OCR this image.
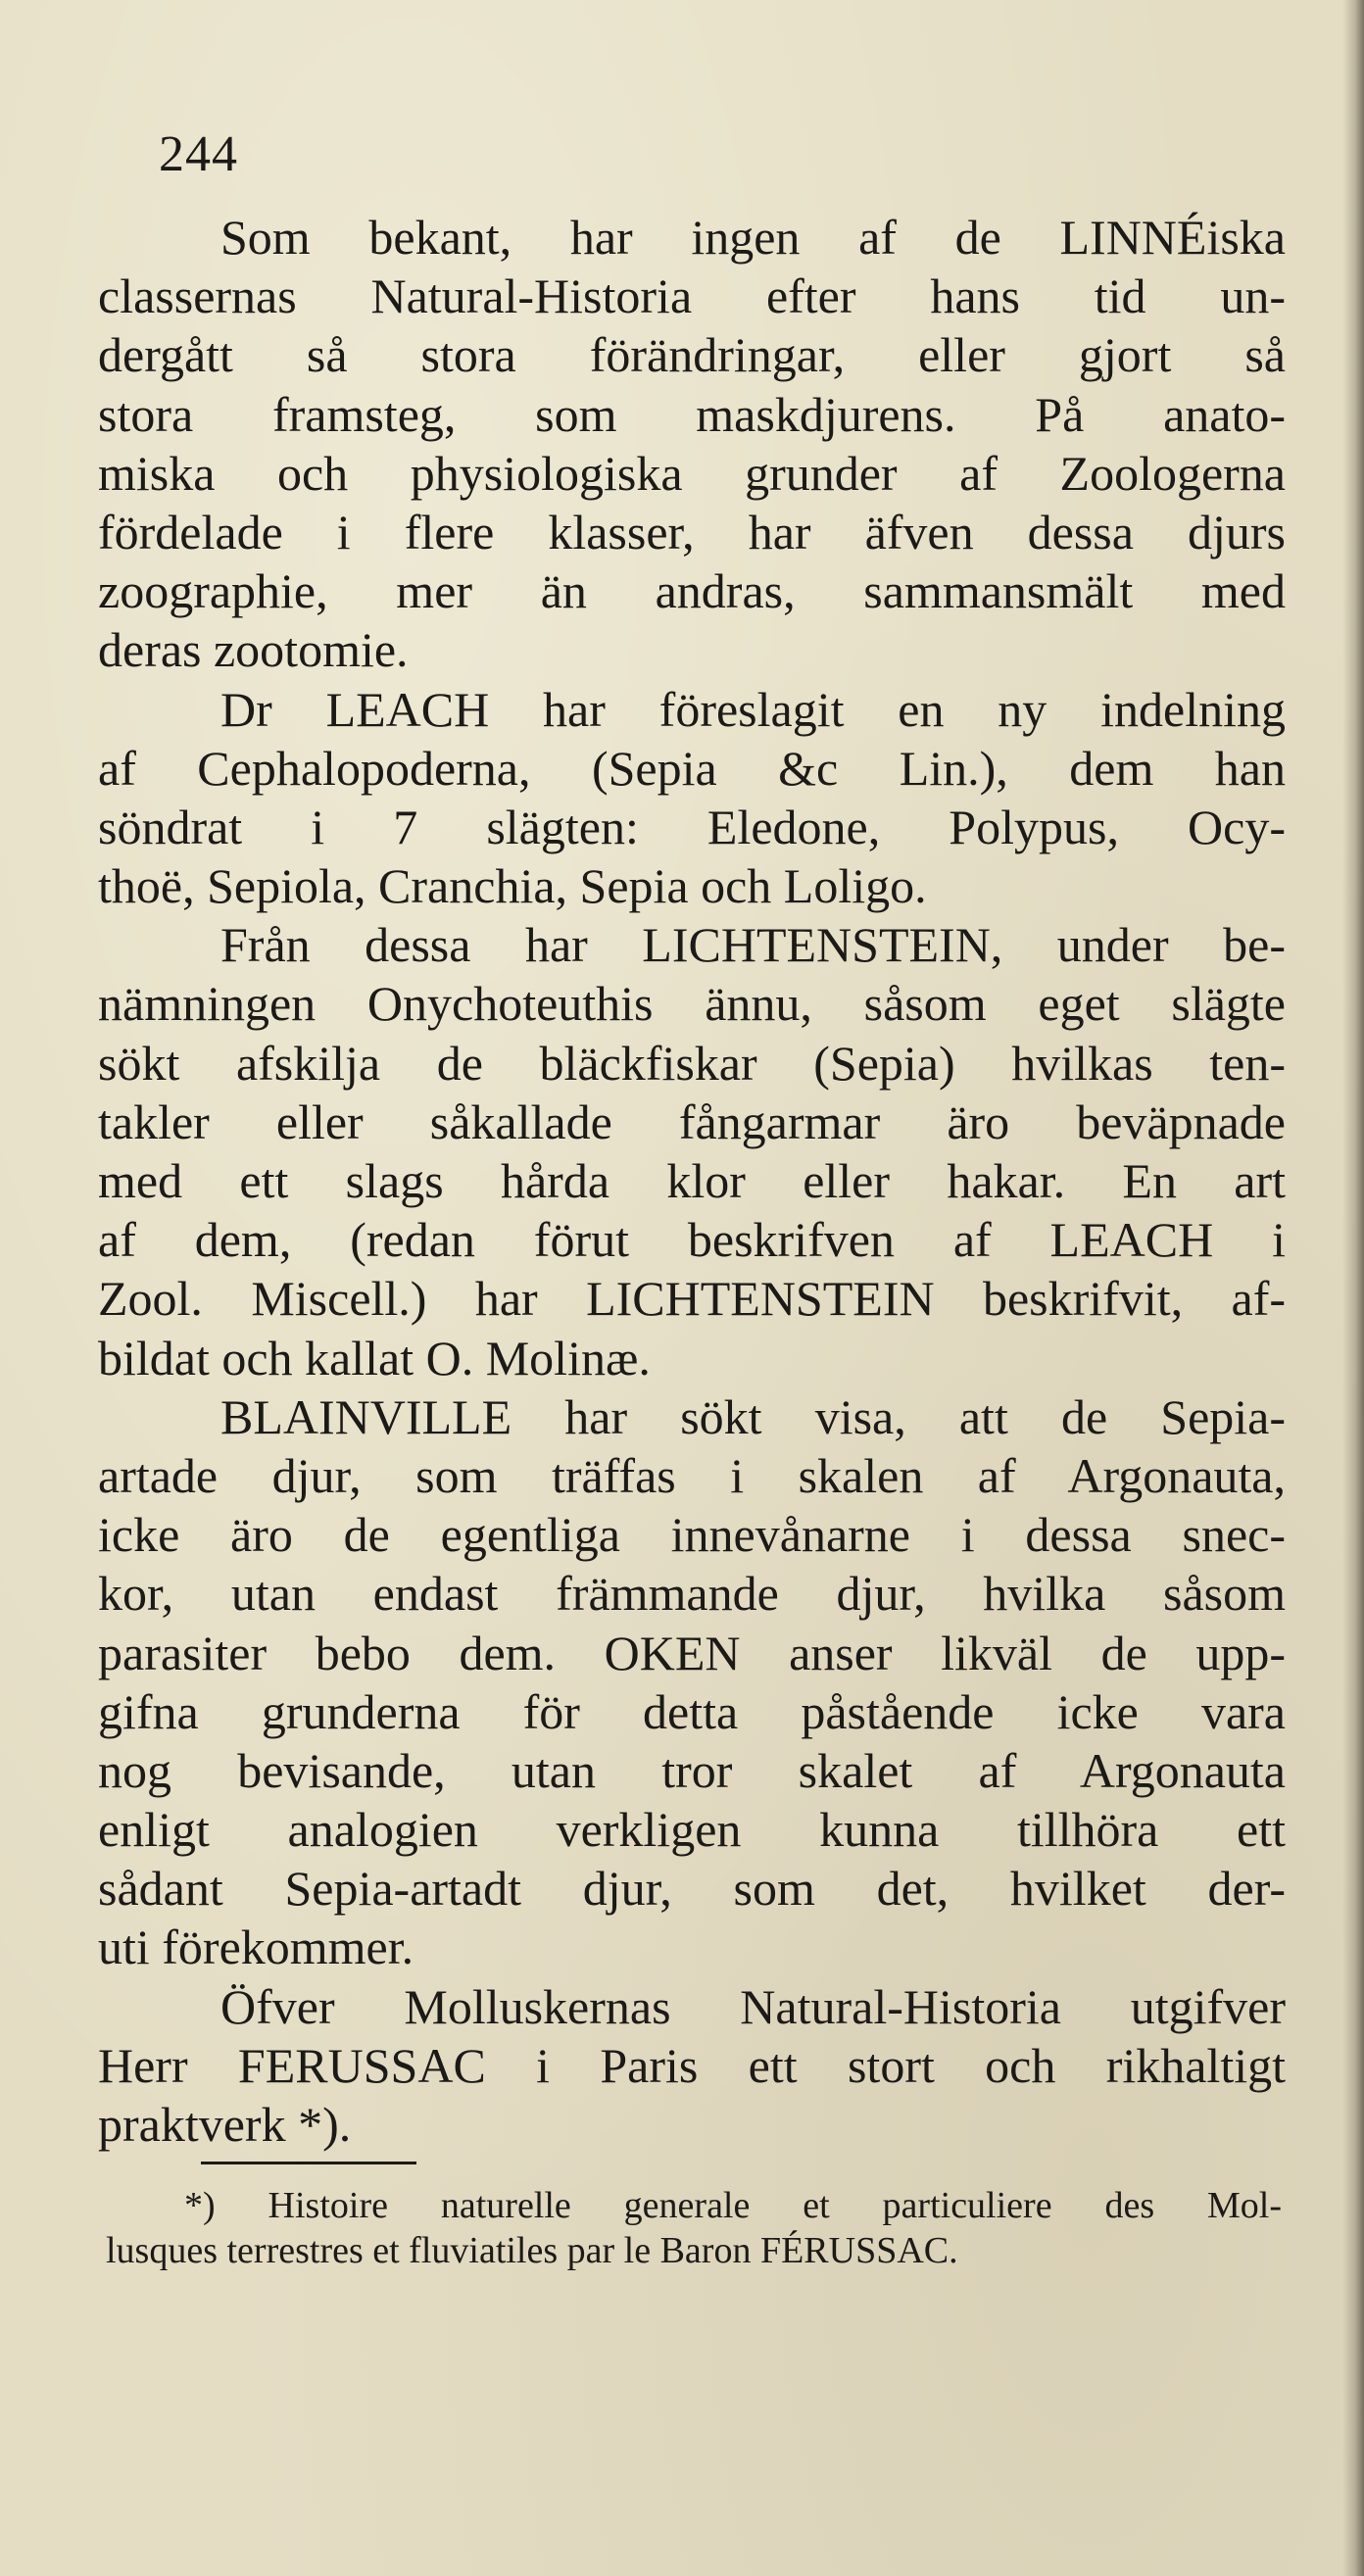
244
Som bekant, har ingen af de LINNÉiska
classernas Natural-Historia efter hans tid un-
dergått så stora förändringar, eller gjort så
stora framsteg, som maskdjurens. På anato-
miska och physiologiska grunder af Zoologerna
fördelade i flere klasser, har äfven dessa djurs
zoographie, mer än andras, sammansmält med
deras zootomie.
Dr LEACH har föreslagit en ny indelning
af Cephalopoderna, (Sepia &c Lin.), dem han
söndrat i 7 slägten: Eledone, Polypus, Ocy-
thoë, Sepiola, Cranchia, Sepia och Loligo.
Från dessa har LICHTENSTEIN, under be-
nämningen Onychoteuthis ännu, såsom eget slägte
sökt afskilja de bläckfiskar (Sepia) hvilkas ten-
takler eller såkallade fångarmar äro beväpnade
med ett slags hårda klor eller hakar. En art
af dem, (redan förut beskrifven af LEACH i
Zool. Miscell.) har LICHTENSTEIN beskrifvit, af-
bildat och kallat O. Molinæ.
BLAINVILLE har sökt visa, att de Sepia-
artade djur, som träffas i skalen af Argonauta,
icke äro de egentliga innevånarne i dessa snec-
kor, utan endast främmande djur, hvilka såsom
parasiter bebo dem. OKEN anser likväl de upp-
gifna grunderna för detta påstående icke vara
nog bevisande, utan tror skalet af Argonauta
enligt analogien verkligen kunna tillhöra ett
sådant Sepia-artadt djur, som det, hvilket der-
uti förekommer.
Öfver Molluskernas Natural-Historia utgifver
Herr FERUSSAC i Paris ett stort och rikhaltigt
praktverk *).
*) Histoire naturelle generale et particuliere des Mol-
lusques terrestres et fluviatiles par le Baron FÉRUSSAC.
